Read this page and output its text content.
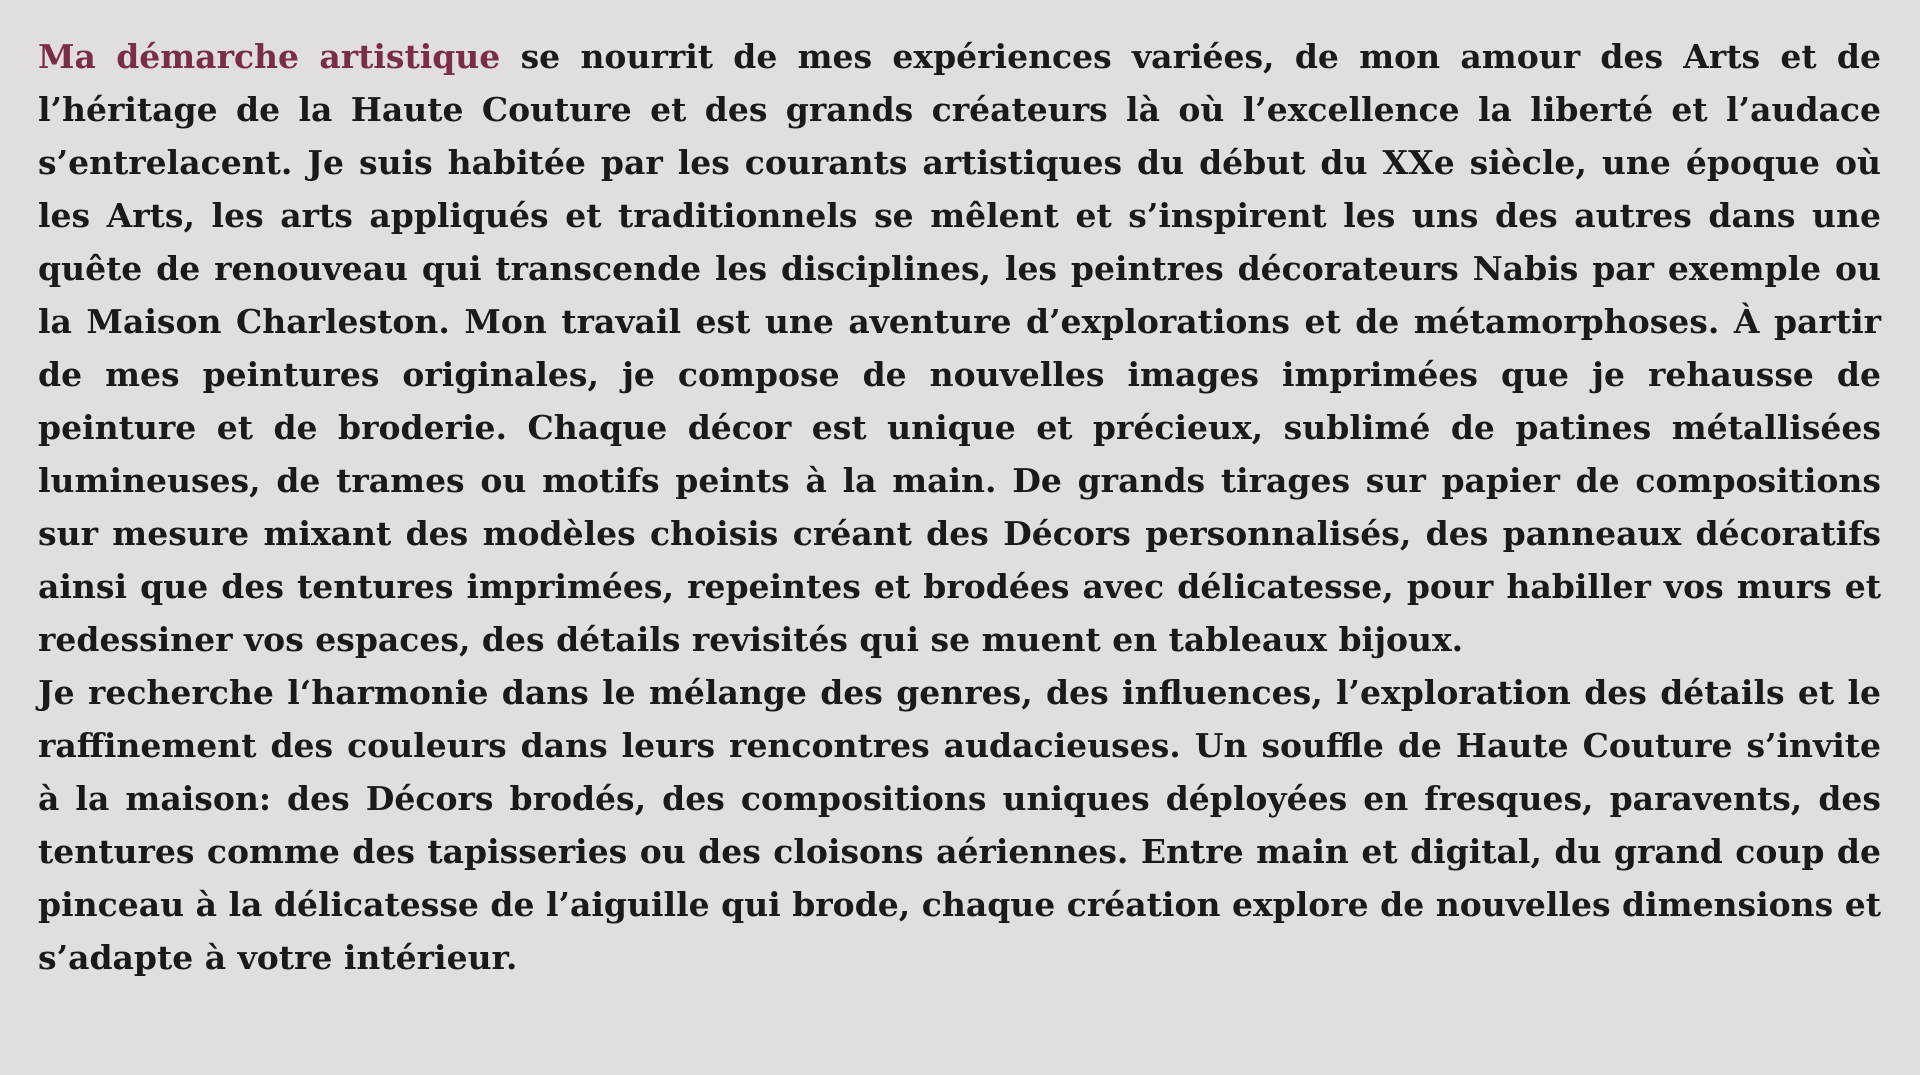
Ma démarche artistique se nourrit de mes expériences variées, de mon amour des Arts et de l’héritage de la Haute Couture et des grands créateurs là où l’excellence la liberté et l’audace s’entrelacent. Je suis habitée par les courants artistiques du début du XXe siècle, une époque où les Arts, les arts appliqués et traditionnels se mêlent et s’inspirent les uns des autres dans une quête de renouveau qui transcende les disciplines, les peintres décorateurs Nabis par exemple ou la Maison Charleston. Mon travail est une aventure d’explorations et de métamorphoses. À partir de mes peintures originales, je compose de nouvelles images imprimées que je rehausse de peinture et de broderie. Chaque décor est unique et précieux, sublimé de patines métallisées lumineuses, de trames ou motifs peints à la main. De grands tirages sur papier de compositions sur mesure mixant des modèles choisis créant des Décors personnalisés, des panneaux décoratifs ainsi que des tentures imprimées, repeintes et brodées avec délicatesse, pour habiller vos murs et redessiner vos espaces, des détails revisités qui se muent en tableaux bijoux.

Je recherche l‘harmonie dans le mélange des genres, des influences, l’exploration des détails et le raffinement des couleurs dans leurs rencontres audacieuses. Un souffle de Haute Couture s’invite à la maison: des Décors brodés, des compositions uniques déployées en fresques, paravents, des tentures comme des tapisseries ou des cloisons aériennes. Entre main et digital, du grand coup de pinceau à la délicatesse de l’aiguille qui brode, chaque création explore de nouvelles dimensions et s’adapte à votre intérieur.
